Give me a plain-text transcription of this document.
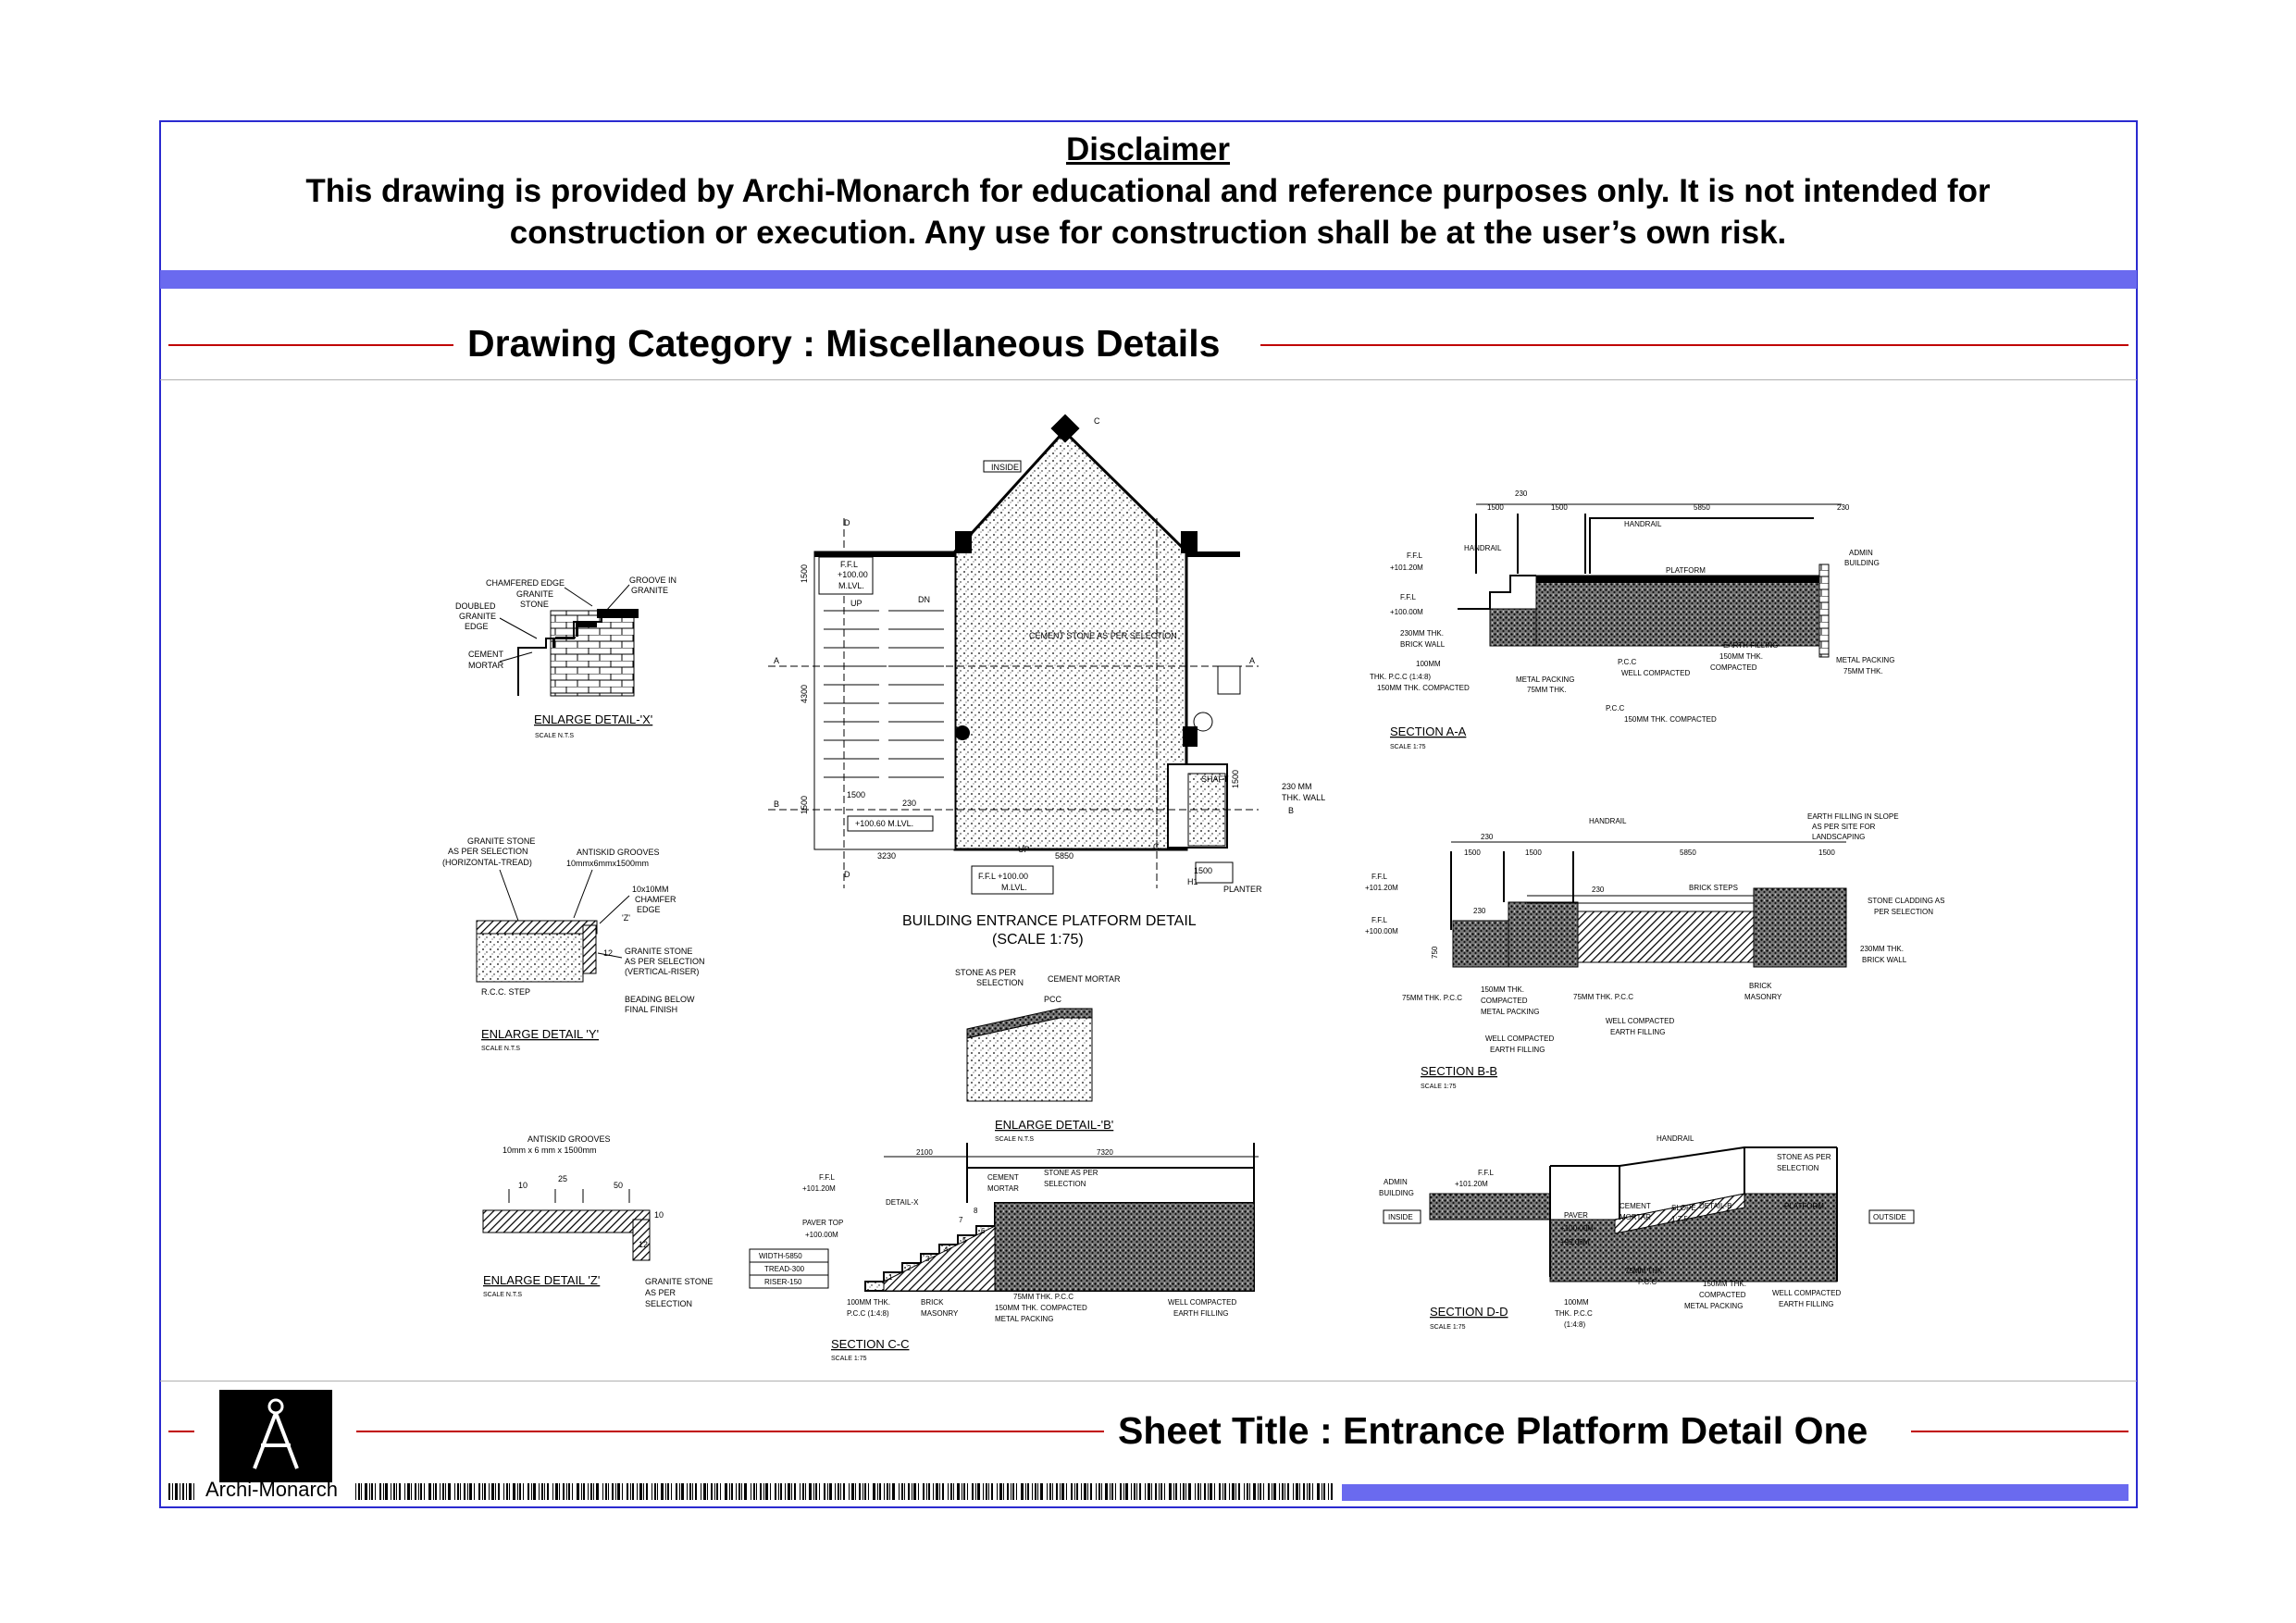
Disclaimer
This drawing is provided by Archi-Monarch for educational and reference purposes only. It is not intended for
construction or execution. Any use for construction shall be at the user’s own risk.
Drawing Category : Miscellaneous Details
CHAMFERED EDGE
GRANITE
STONE
DOUBLED
GRANITE
EDGE
CEMENT
MORTAR
GROOVE IN
GRANITE
ENLARGE DETAIL-'X'
SCALE N.T.S
GRANITE STONE
AS PER SELECTION
(HORIZONTAL-TREAD)
ANTISKID GROOVES
10mmx6mmx1500mm
'Z'
10x10MM
CHAMFER
EDGE
GRANITE STONE
AS PER SELECTION
(VERTICAL-RISER)
12
R.C.C. STEP
BEADING BELOW
FINAL FINISH
ENLARGE DETAIL 'Y'
SCALE N.T.S
ANTISKID GROOVES
10mm x 6 mm x 1500mm
10
25
50
10
12
GRANITE STONE
AS PER
SELECTION
ENLARGE DETAIL 'Z'
SCALE N.T.S
INSIDE
F.F.L
+100.00
M.LVL.
UP	DN
1500
4300
1500
1500
230
+100.60 M.LVL.
3230
UP
5850
F.F.L +100.00
M.LVL.
230 MM
THK. WALL
1500
PLANTER
SHAFT
H1
1500
A	A
B
B
C
C
D
D
CEMENT STONE AS PER SELECTION
BUILDING ENTRANCE PLATFORM DETAIL
(SCALE 1:75)
STONE AS PER
SELECTION	CEMENT MORTAR
PCC
ENLARGE DETAIL-'B'
SCALE N.T.S
230
1500	1500	5850	230
HANDRAIL
HANDRAIL
F.F.L
+101.20M	PLATFORM
ADMIN
BUILDING
F.F.L
+100.00M
230MM THK.
BRICK WALL
100MM
THK. P.C.C (1:4:8)
150MM THK. COMPACTED
METAL PACKING
75MM THK.
P.C.C
WELL COMPACTED
EARTH FILLING
150MM THK.
COMPACTED
METAL PACKING
75MM THK.
P.C.C
150MM THK. COMPACTED
SECTION A-A
SCALE 1:75
HANDRAIL
EARTH FILLING IN SLOPE
AS PER SITE FOR
LANDSCAPING
230
1500	1500	5850	1500
F.F.L
+101.20M	230	BRICK STEPS
STONE CLADDING AS
PER SELECTION
F.F.L
+100.00M
230
230MM THK.
BRICK WALL
750
BRICK
MASONRY
75MM THK. P.C.C
150MM THK.
COMPACTED
METAL PACKING
75MM THK. P.C.C
WELL COMPACTED
EARTH FILLING
WELL COMPACTED
EARTH FILLING
SECTION B-B
SCALE 1:75
2100	7320
F.F.L
+101.20M
DETAIL-X
CEMENT
MORTAR
STONE AS PER
SELECTION
PAVER TOP
+100.00M
WIDTH-5850
TREAD-300
RISER-150
100MM THK.
P.C.C (1:4:8)
BRICK
MASONRY
75MM THK. P.C.C
150MM THK. COMPACTED
METAL PACKING
WELL COMPACTED
EARTH FILLING
1
2
3
4
5
6
7
8
SECTION C-C
SCALE 1:75
HANDRAIL
STONE AS PER
SELECTION
ADMIN
BUILDING
F.F.L
+101.20M
INSIDE
DETAIL-B	PLATFORM
OUTSIDE
PAVER
+100.00M
CEMENT
MORTAR
SLOPE
1:7.5
+99.00M
75MM THK.
P.C.C	150MM THK.
COMPACTED
METAL PACKING
100MM
THK. P.C.C
(1:4:8)
WELL COMPACTED
EARTH FILLING
SECTION D-D
SCALE 1:75
Archi-Monarch
Sheet Title : Entrance Platform Detail One
